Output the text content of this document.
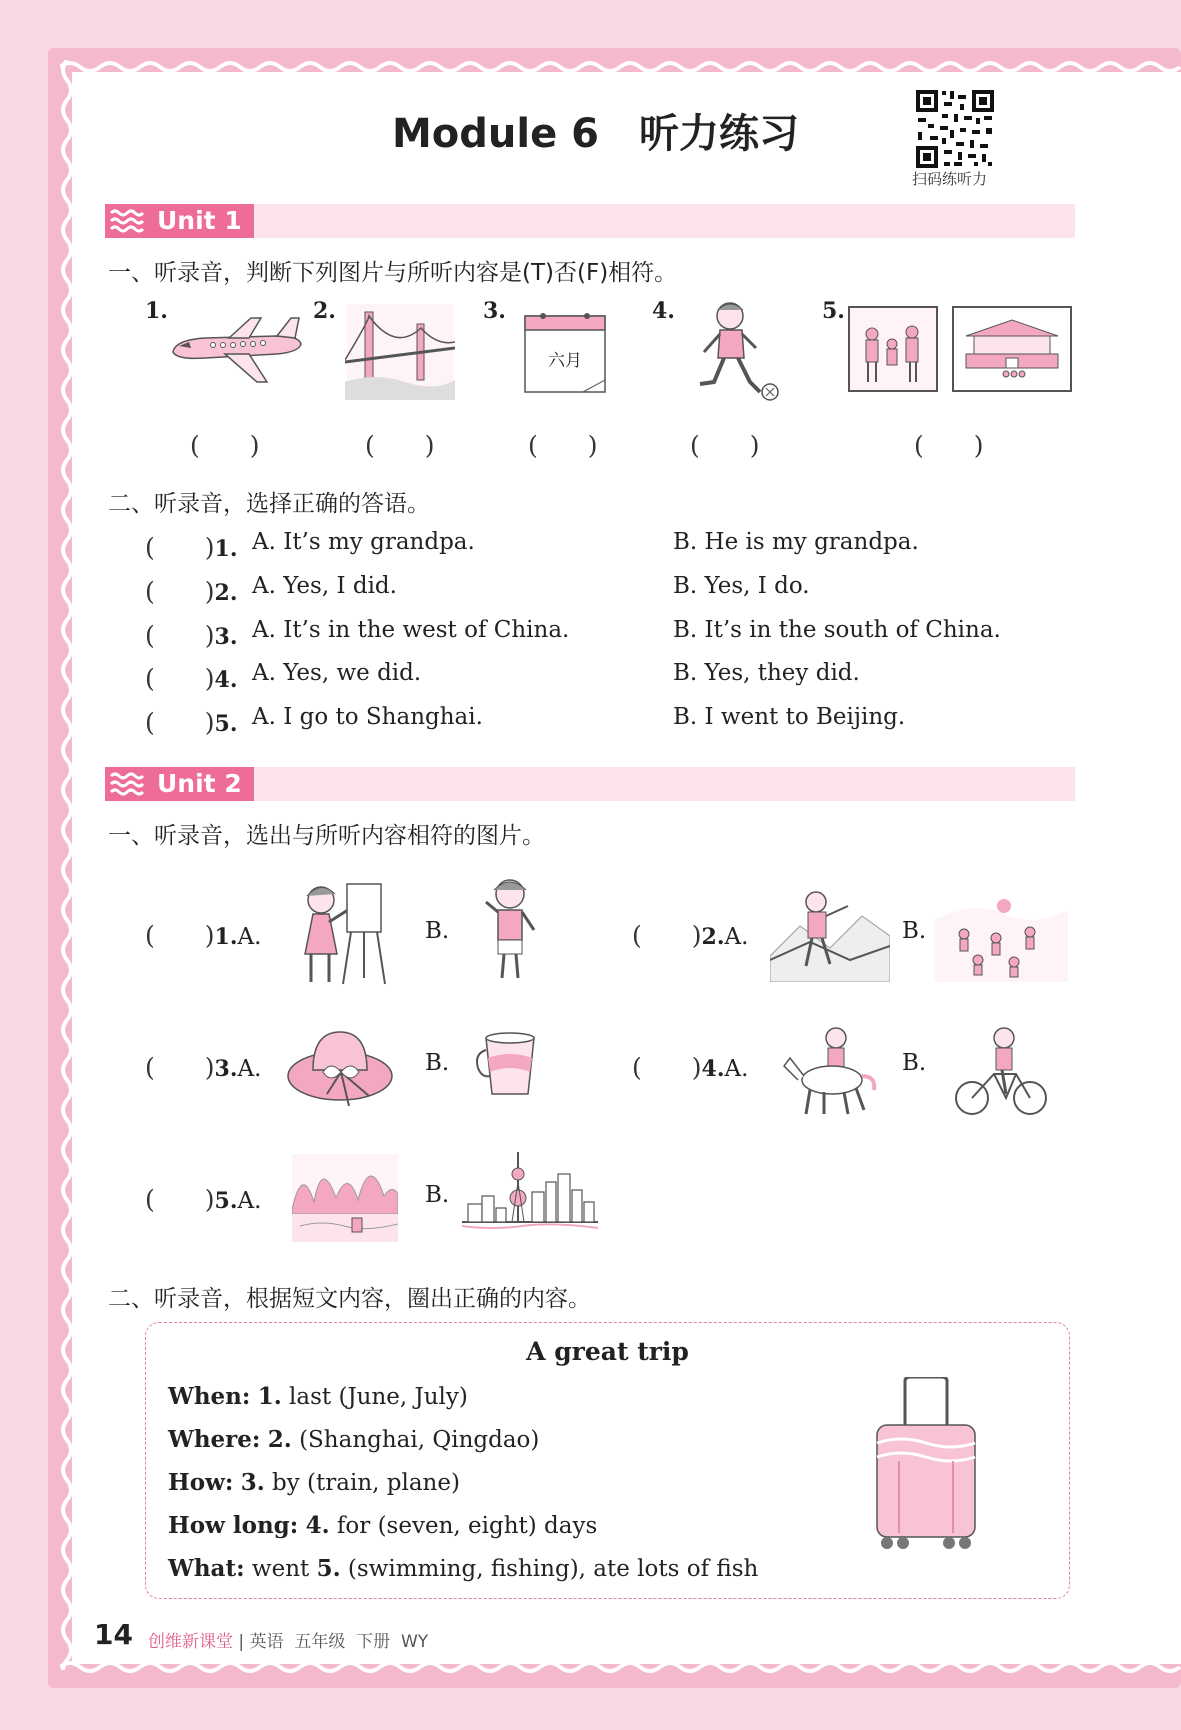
Module 6 听力练习
扫码练听力
Unit 1
一、听录音，判断下列图片与所听内容是(T)否(F)相符。
1.	2.	3.
六月
4.	5.
(　　)	(　　)	(　　)	(　　)	(　　)
二、听录音，选择正确的答语。
(　　)1. A. It’s my grandpa.	B. He is my grandpa.
(　　)2. A. Yes, I did.	B. Yes, I do.
(　　)3. A. It’s in the west of China.	B. It’s in the south of China.
(　　)4. A. Yes, we did.	B. Yes, they did.
(　　)5. A. I go to Shanghai.	B. I went to Beijing.
Unit 2
一、听录音，选出与所听内容相符的图片。
(　　)1.A.	B.	(　　)2.A.	B.
(　　)3.A.	B.	(　　)4.A.	B.
(　　)5.A.	B.
二、听录音，根据短文内容，圈出正确的内容。
A great trip
When: 1. last (June, July)
Where: 2. (Shanghai, Qingdao)
How: 3. by (train, plane)
How long: 4. for (seven, eight) days
What: went 5. (swimming, fishing), ate lots of fish
14 创维新课堂 | 英语 五年级 下册 WY
